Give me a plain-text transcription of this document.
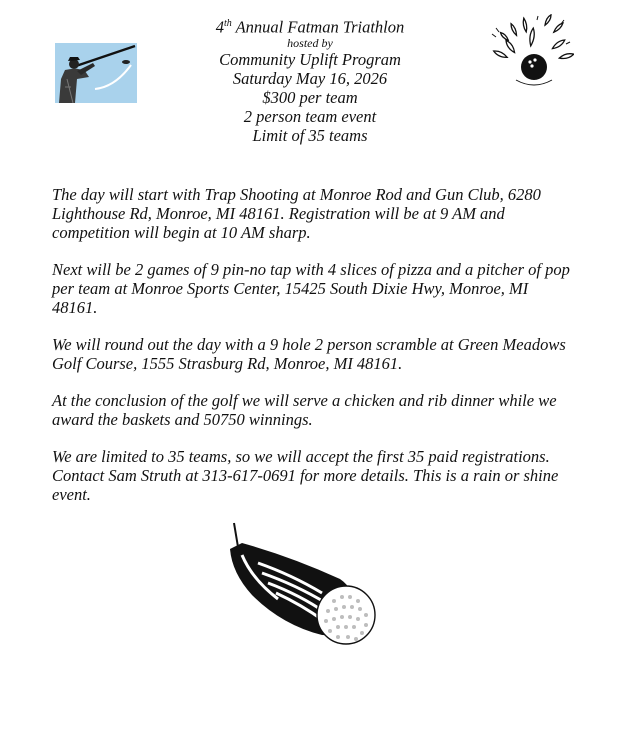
4th Annual Fatman Triathlon
hosted by
Community Uplift Program
Saturday May 16, 2026
$300 per team
2 person team event
Limit of 35 teams

The day will start with Trap Shooting at Monroe Rod and Gun Club, 6280 Lighthouse Rd, Monroe, MI 48161. Registration will be at 9 AM and competition will begin at 10 AM sharp.

Next will be 2 games of 9 pin-no tap with 4 slices of pizza and a pitcher of pop per team at Monroe Sports Center, 15425 South Dixie Hwy, Monroe, MI 48161.

We will round out the day with a 9 hole 2 person scramble at Green Meadows Golf Course, 1555 Strasburg Rd, Monroe, MI 48161.

At the conclusion of the golf we will serve a chicken and rib dinner while we award the baskets and 50750 winnings.

We are limited to 35 teams, so we will accept the first 35 paid registrations. Contact Sam Struth at 313-617-0691 for more details. This is a rain or shine event.
